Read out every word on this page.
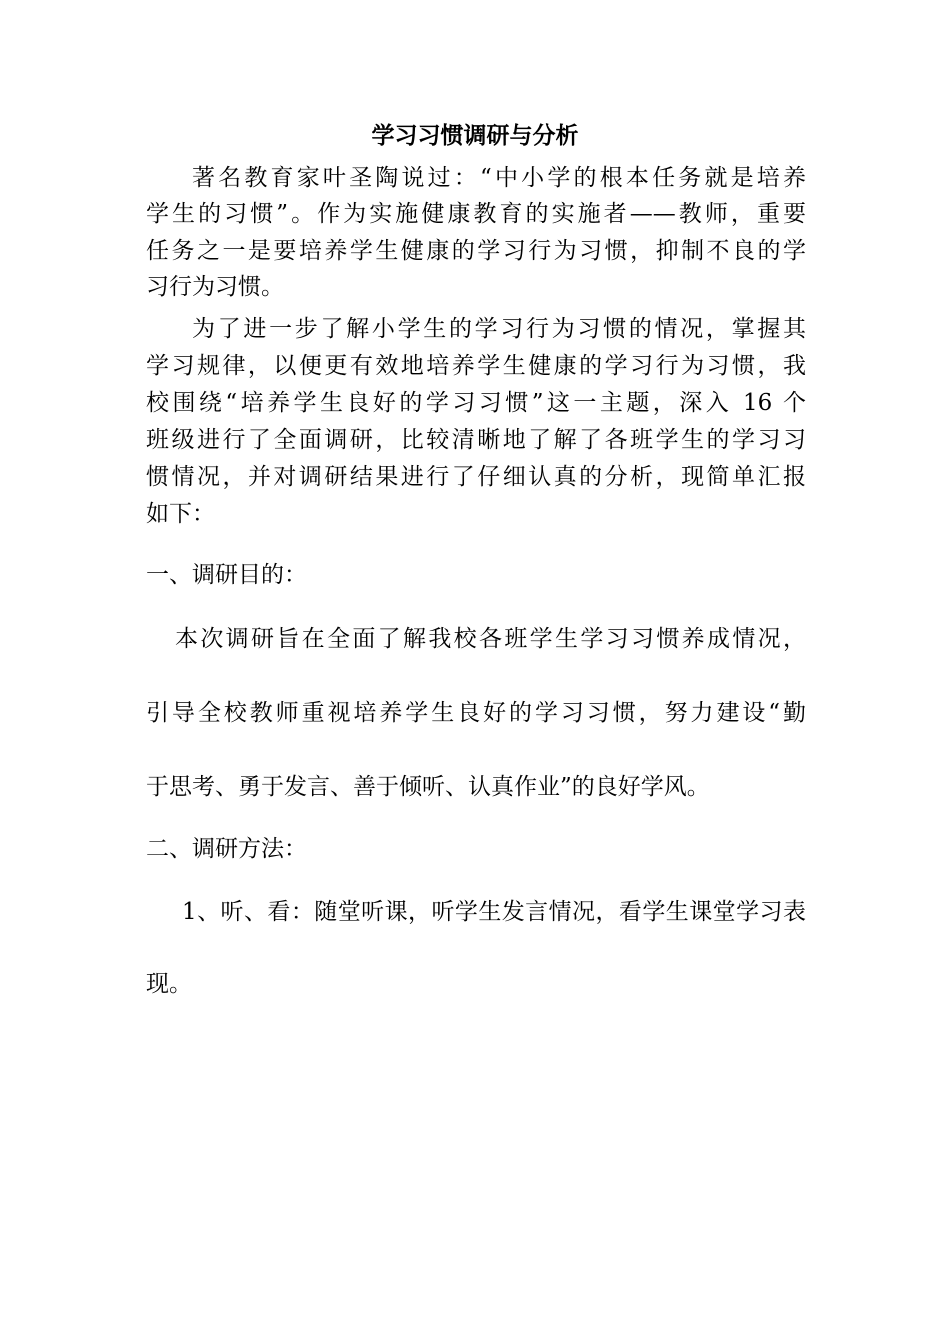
学习习惯调研与分析

著名教育家叶圣陶说过：“中小学的根本任务就是培养

学生的习惯”。作为实施健康教育的实施者——教师，重要

任务之一是要培养学生健康的学习行为习惯，抑制不良的学

习行为习惯。

为了进一步了解小学生的学习行为习惯的情况，掌握其

学习规律，以便更有效地培养学生健康的学习行为习惯，我

校围绕“培养学生良好的学习习惯”这一主题，深入 16 个

班级进行了全面调研，比较清晰地了解了各班学生的学习习

惯情况，并对调研结果进行了仔细认真的分析，现简单汇报

如下：

一、调研目的：

本次调研旨在全面了解我校各班学生学习习惯养成情况，

引导全校教师重视培养学生良好的学习习惯，努力建设“勤

于思考、勇于发言、善于倾听、认真作业”的良好学风。

二、调研方法：

1、听、看：随堂听课，听学生发言情况，看学生课堂学习表

现。
